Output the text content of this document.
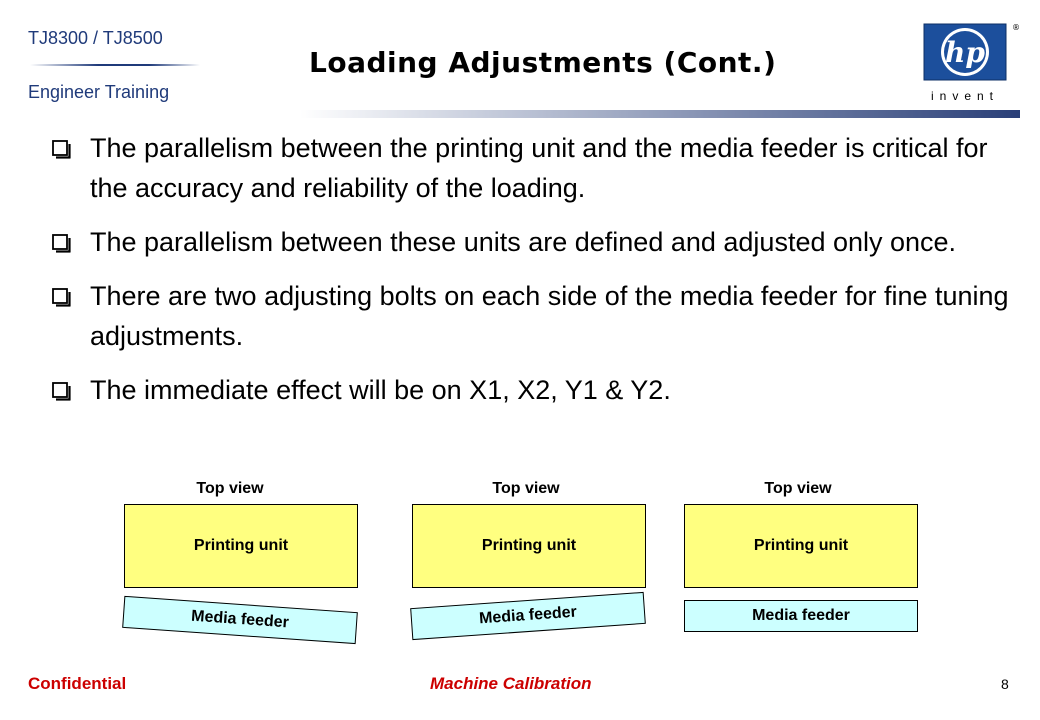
TJ8300 / TJ8500
Engineer Training
Loading Adjustments (Cont.)	hp
®
invent
The parallelism between the printing unit and the media feeder is critical for the accuracy and reliability of the loading.
The parallelism between these units are defined and adjusted only once.
There are two adjusting bolts on each side of the media feeder for fine tuning adjustments.
The immediate effect will be on X1, X2, Y1 & Y2.
Top view
Printing unit
Media feeder
Top view
Printing unit
Media feeder
Top view
Printing unit
Media feeder
Confidential	Machine Calibration	8
